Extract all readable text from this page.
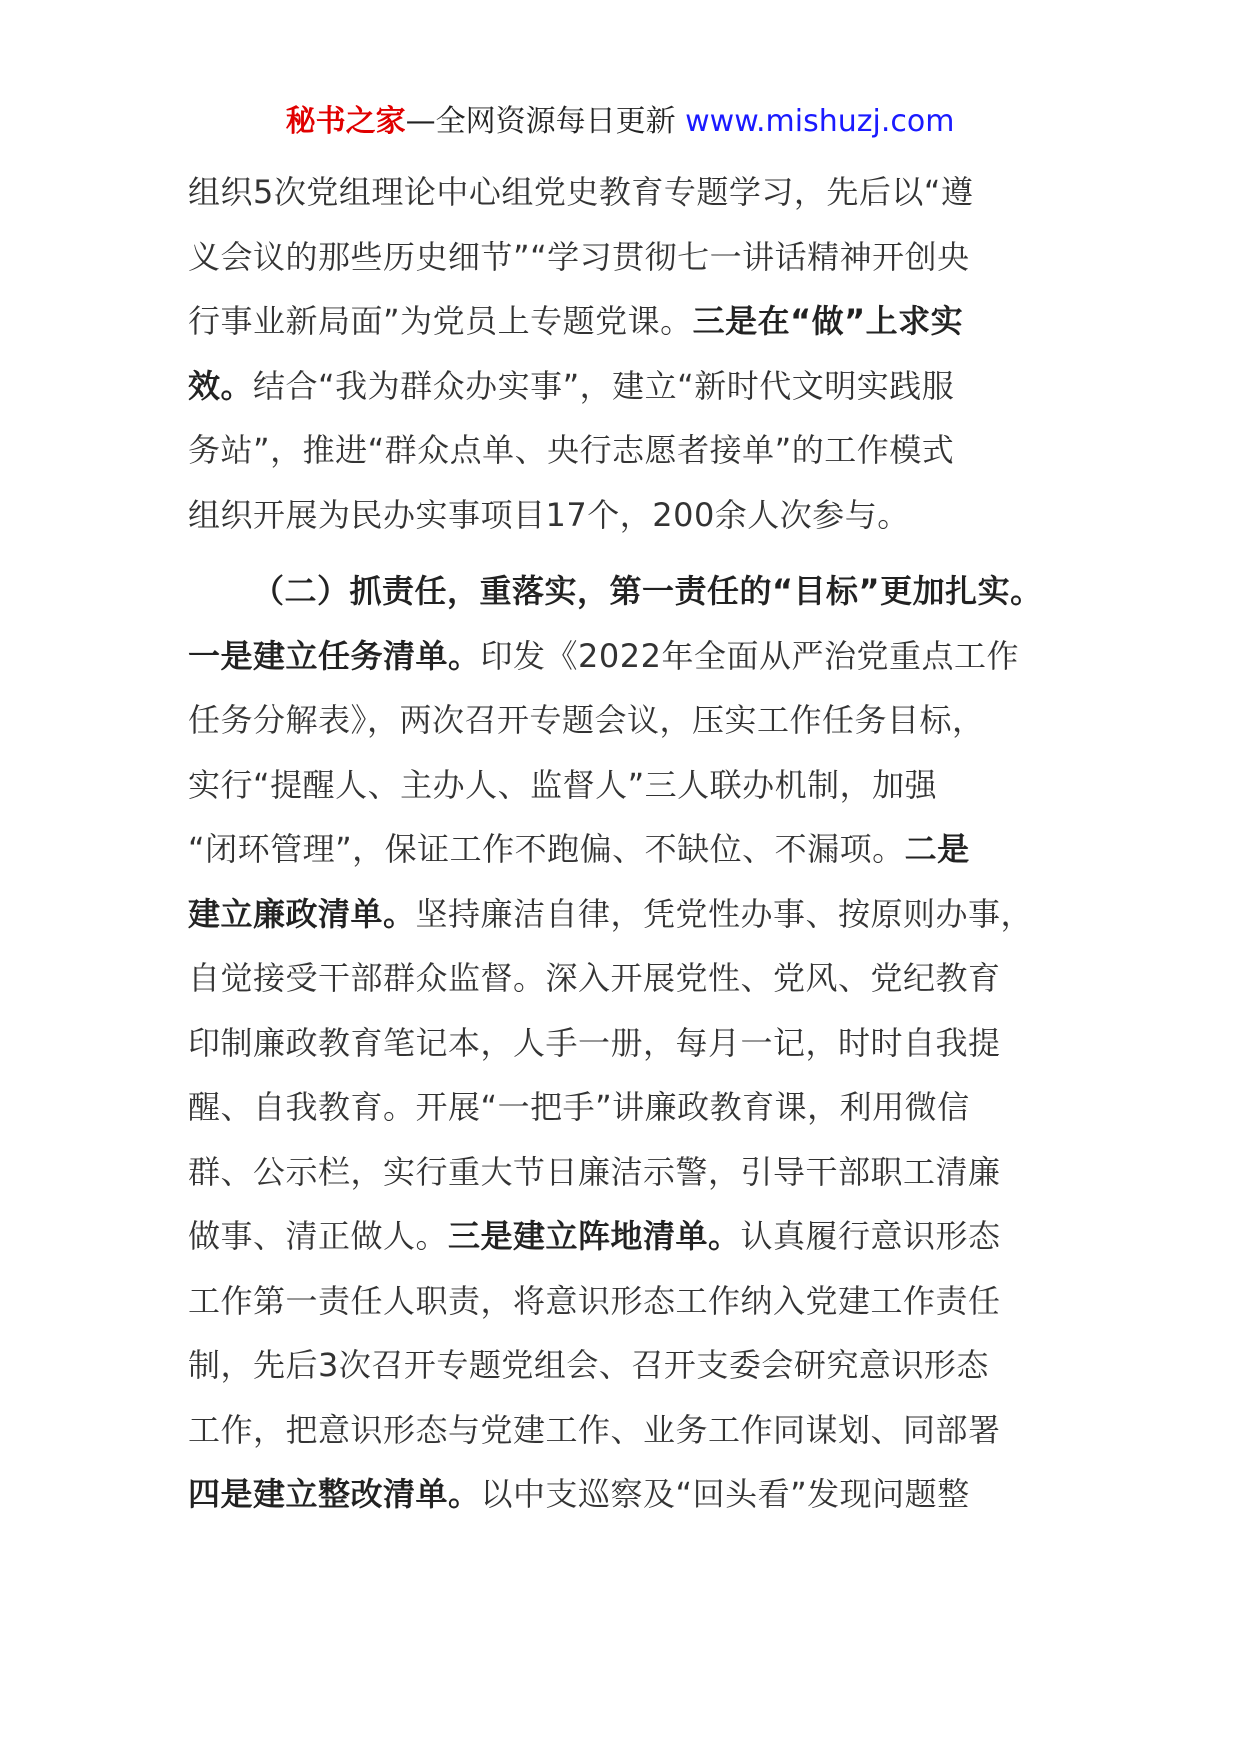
秘书之家—全网资源每日更新 www.mishuzj.com
组织5次党组理论中心组党史教育专题学习，先后以“遵
义会议的那些历史细节”“学习贯彻七一讲话精神开创央
行事业新局面”为党员上专题党课。三是在“做”上求实
效。结合“我为群众办实事”，建立“新时代文明实践服
务站”，推进“群众点单、央行志愿者接单”的工作模式
组织开展为民办实事项目17个，200余人次参与。
（二）抓责任，重落实，第一责任的“目标”更加扎实。
一是建立任务清单。印发《2022年全面从严治党重点工作
任务分解表》，两次召开专题会议，压实工作任务目标，
实行“提醒人、主办人、监督人”三人联办机制，加强
“闭环管理”，保证工作不跑偏、不缺位、不漏项。二是
建立廉政清单。坚持廉洁自律，凭党性办事、按原则办事，
自觉接受干部群众监督。深入开展党性、党风、党纪教育
印制廉政教育笔记本，人手一册，每月一记，时时自我提
醒、自我教育。开展“一把手”讲廉政教育课，利用微信
群、公示栏，实行重大节日廉洁示警，引导干部职工清廉
做事、清正做人。三是建立阵地清单。认真履行意识形态
工作第一责任人职责，将意识形态工作纳入党建工作责任
制，先后3次召开专题党组会、召开支委会研究意识形态
工作，把意识形态与党建工作、业务工作同谋划、同部署
四是建立整改清单。以中支巡察及“回头看”发现问题整
